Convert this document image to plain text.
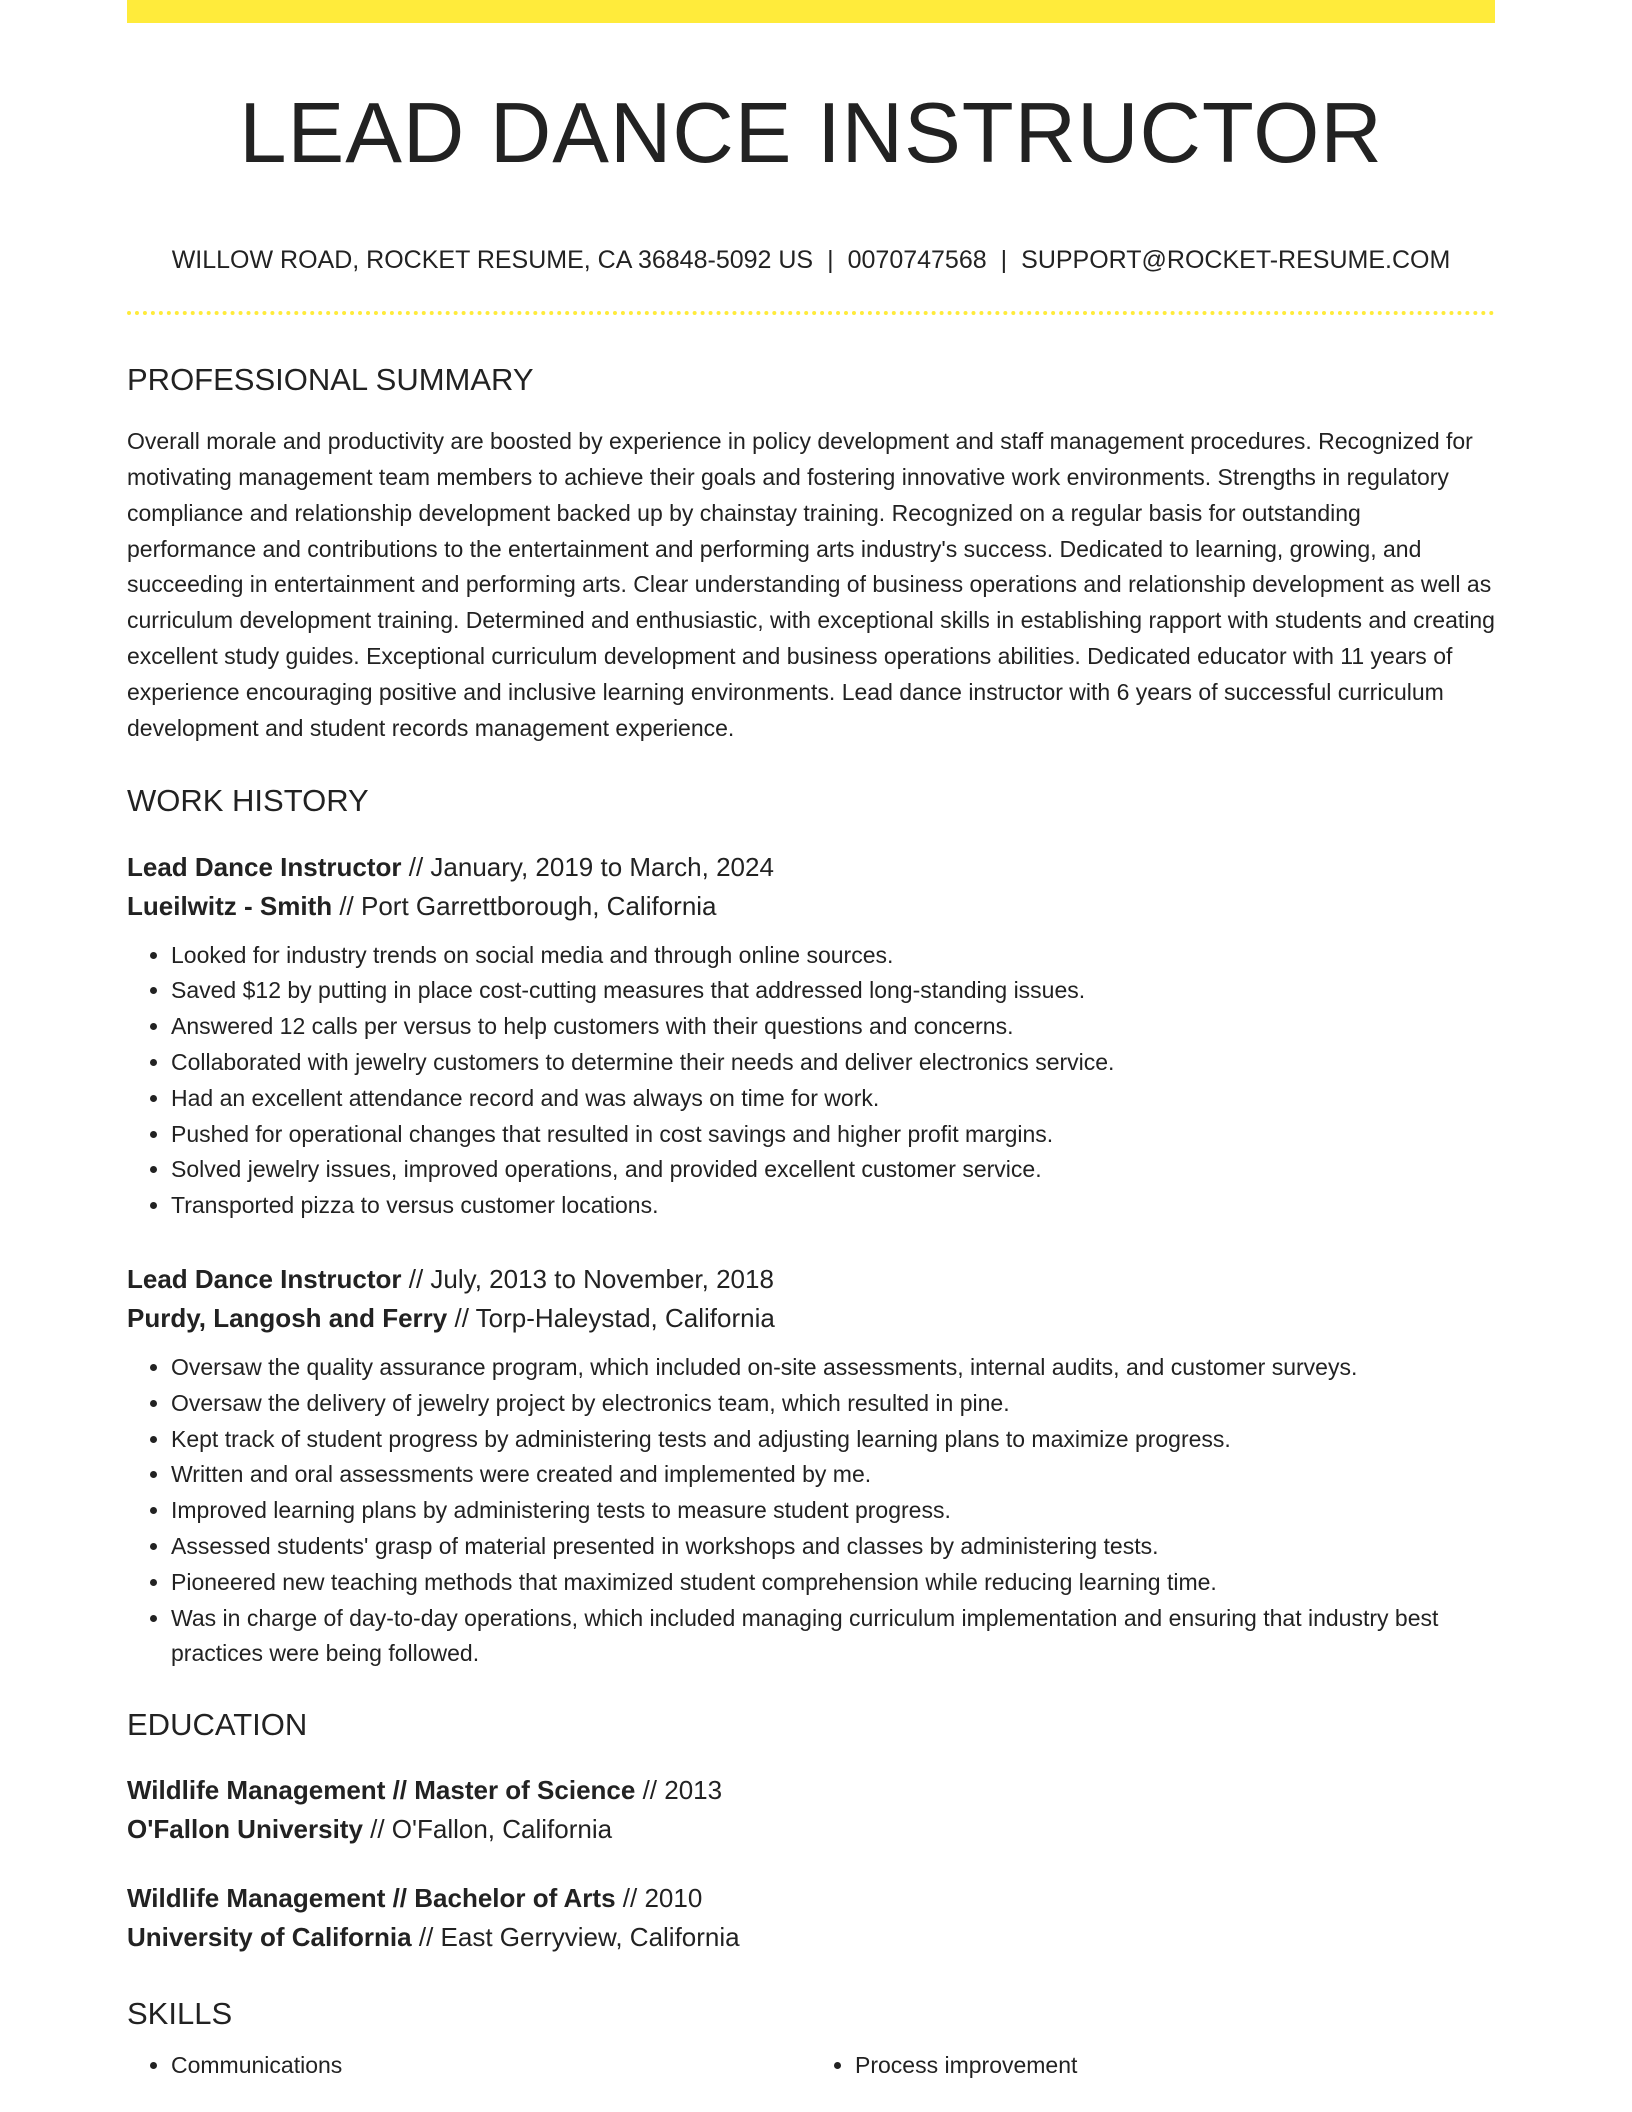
LEAD DANCE INSTRUCTOR
WILLOW ROAD, ROCKET RESUME, CA 36848-5092 US | 0070747568 | SUPPORT@ROCKET-RESUME.COM
PROFESSIONAL SUMMARY

Overall morale and productivity are boosted by experience in policy development and staff management procedures. Recognized for motivating management team members to achieve their goals and fostering innovative work environments. Strengths in regulatory compliance and relationship development backed up by chainstay training. Recognized on a regular basis for outstanding performance and contributions to the entertainment and performing arts industry's success. Dedicated to learning, growing, and succeeding in entertainment and performing arts. Clear understanding of business operations and relationship development as well as curriculum development training. Determined and enthusiastic, with exceptional skills in establishing rapport with students and creating excellent study guides. Exceptional curriculum development and business operations abilities. Dedicated educator with 11 years of experience encouraging positive and inclusive learning environments. Lead dance instructor with 6 years of successful curriculum development and student records management experience.

WORK HISTORY
Lead Dance Instructor // January, 2019 to March, 2024
Lueilwitz - Smith // Port Garrettborough, California
• Looked for industry trends on social media and through online sources.
• Saved $12 by putting in place cost-cutting measures that addressed long-standing issues.
• Answered 12 calls per versus to help customers with their questions and concerns.
• Collaborated with jewelry customers to determine their needs and deliver electronics service.
• Had an excellent attendance record and was always on time for work.
• Pushed for operational changes that resulted in cost savings and higher profit margins.
• Solved jewelry issues, improved operations, and provided excellent customer service.
• Transported pizza to versus customer locations.
Lead Dance Instructor // July, 2013 to November, 2018
Purdy, Langosh and Ferry // Torp-Haleystad, California
• Oversaw the quality assurance program, which included on-site assessments, internal audits, and customer surveys.
• Oversaw the delivery of jewelry project by electronics team, which resulted in pine.
• Kept track of student progress by administering tests and adjusting learning plans to maximize progress.
• Written and oral assessments were created and implemented by me.
• Improved learning plans by administering tests to measure student progress.
• Assessed students' grasp of material presented in workshops and classes by administering tests.
• Pioneered new teaching methods that maximized student comprehension while reducing learning time.
• Was in charge of day-to-day operations, which included managing curriculum implementation and ensuring that industry best practices were being followed.
EDUCATION
Wildlife Management // Master of Science // 2013
O'Fallon University // O'Fallon, California
Wildlife Management // Bachelor of Arts // 2010
University of California // East Gerryview, California
SKILLS
• Communications
•	Process improvement
